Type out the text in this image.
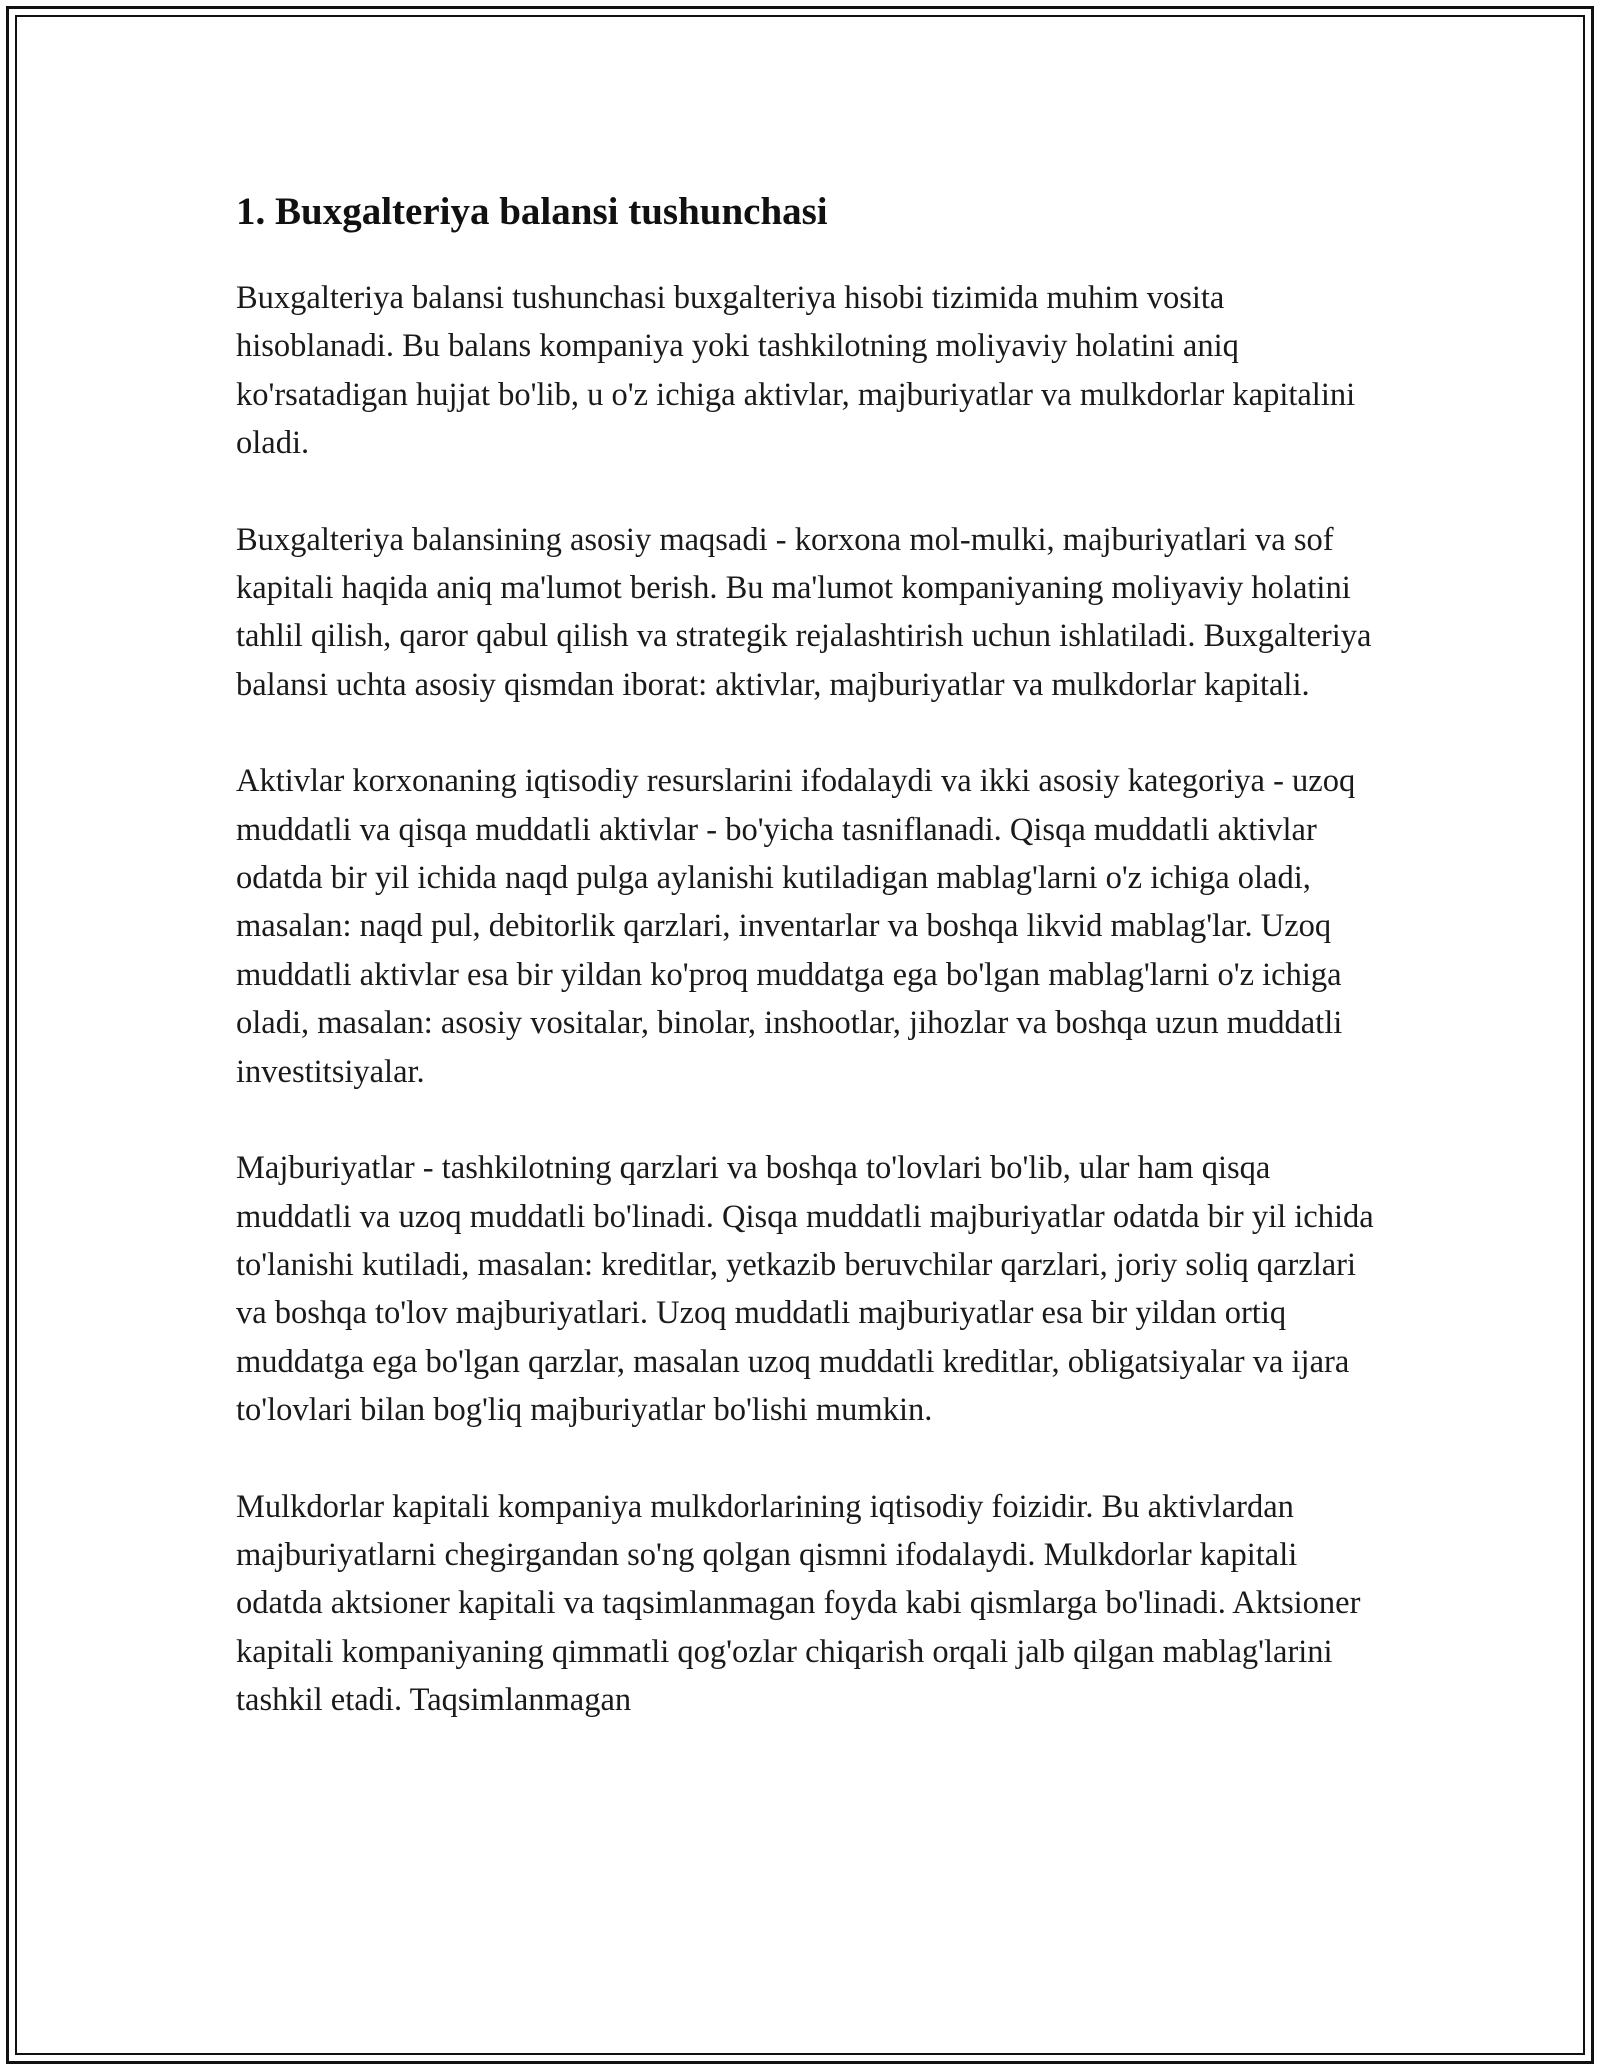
1. Buxgalteriya balansi tushunchasi

Buxgalteriya balansi tushunchasi buxgalteriya hisobi tizimida muhim vosita hisoblanadi. Bu balans kompaniya yoki tashkilotning moliyaviy holatini aniq ko'rsatadigan hujjat bo'lib, u o'z ichiga aktivlar, majburiyatlar va mulkdorlar kapitalini oladi.

Buxgalteriya balansining asosiy maqsadi - korxona mol-mulki, majburiyatlari va sof kapitali haqida aniq ma'lumot berish. Bu ma'lumot kompaniyaning moliyaviy holatini tahlil qilish, qaror qabul qilish va strategik rejalashtirish uchun ishlatiladi. Buxgalteriya balansi uchta asosiy qismdan iborat: aktivlar, majburiyatlar va mulkdorlar kapitali.

Aktivlar korxonaning iqtisodiy resurslarini ifodalaydi va ikki asosiy kategoriya - uzoq muddatli va qisqa muddatli aktivlar - bo'yicha tasniflanadi. Qisqa muddatli aktivlar odatda bir yil ichida naqd pulga aylanishi kutiladigan mablag'larni o'z ichiga oladi, masalan: naqd pul, debitorlik qarzlari, inventarlar va boshqa likvid mablag'lar. Uzoq muddatli aktivlar esa bir yildan ko'proq muddatga ega bo'lgan mablag'larni o'z ichiga oladi, masalan: asosiy vositalar, binolar, inshootlar, jihozlar va boshqa uzun muddatli investitsiyalar.

Majburiyatlar - tashkilotning qarzlari va boshqa to'lovlari bo'lib, ular ham qisqa muddatli va uzoq muddatli bo'linadi. Qisqa muddatli majburiyatlar odatda bir yil ichida to'lanishi kutiladi, masalan: kreditlar, yetkazib beruvchilar qarzlari, joriy soliq qarzlari va boshqa to'lov majburiyatlari. Uzoq muddatli majburiyatlar esa bir yildan ortiq muddatga ega bo'lgan qarzlar, masalan uzoq muddatli kreditlar, obligatsiyalar va ijara to'lovlari bilan bog'liq majburiyatlar bo'lishi mumkin.

Mulkdorlar kapitali kompaniya mulkdorlarining iqtisodiy foizidir. Bu aktivlardan majburiyatlarni chegirgandan so'ng qolgan qismni ifodalaydi. Mulkdorlar kapitali odatda aktsioner kapitali va taqsimlanmagan foyda kabi qismlarga bo'linadi. Aktsioner kapitali kompaniyaning qimmatli qog'ozlar chiqarish orqali jalb qilgan mablag'larini tashkil etadi. Taqsimlanmagan
